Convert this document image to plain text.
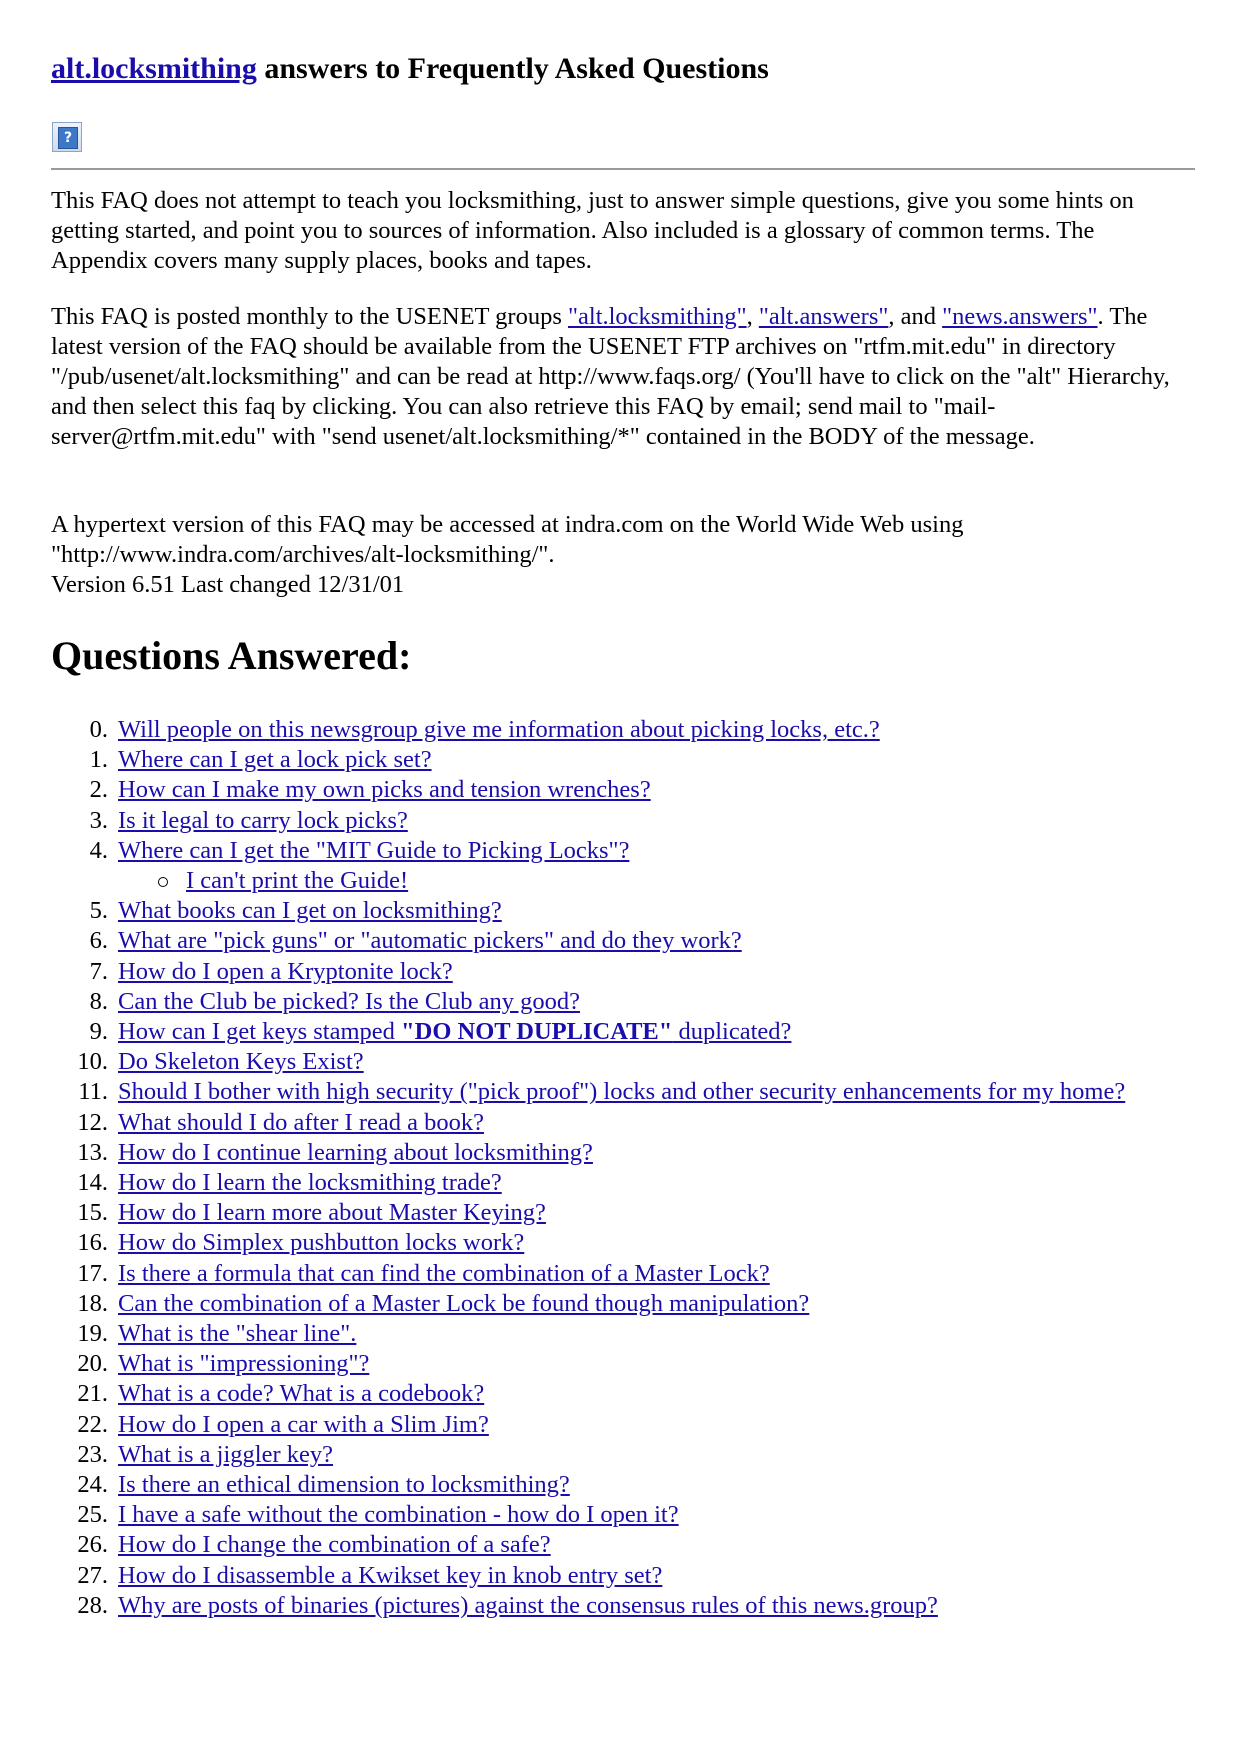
alt.locksmithing answers to Frequently Asked Questions
?

This FAQ does not attempt to teach you locksmithing, just to answer simple questions, give you some hints on getting started, and point you to sources of information. Also included is a glossary of common terms. The Appendix covers many supply places, books and tapes.

This FAQ is posted monthly to the USENET groups "alt.locksmithing", "alt.answers", and "news.answers". The latest version of the FAQ should be available from the USENET FTP archives on "rtfm.mit.edu" in directory "/pub/usenet/alt.locksmithing" and can be read at http://www.faqs.org/ (You'll have to click on the "alt" Hierarchy, and then select this faq by clicking. You can also retrieve this FAQ by email; send mail to "mail-server@rtfm.mit.edu" with "send usenet/alt.locksmithing/*" contained in the BODY of the message.

A hypertext version of this FAQ may be accessed at indra.com on the World Wide Web using "http://www.indra.com/archives/alt-locksmithing/".
Version 6.51 Last changed 12/31/01

Questions Answered:
0. Will people on this newsgroup give me information about picking locks, etc.?
1. Where can I get a lock pick set?
2. How can I make my own picks and tension wrenches?
3. Is it legal to carry lock picks?
4. Where can I get the "MIT Guide to Picking Locks"?
I can't print the Guide!
5. What books can I get on locksmithing?
6. What are "pick guns" or "automatic pickers" and do they work?
7. How do I open a Kryptonite lock?
8. Can the Club be picked? Is the Club any good?
9. How can I get keys stamped "DO NOT DUPLICATE" duplicated?
10. Do Skeleton Keys Exist?
11. Should I bother with high security ("pick proof") locks and other security enhancements for my home?
12. What should I do after I read a book?
13. How do I continue learning about locksmithing?
14. How do I learn the locksmithing trade?
15. How do I learn more about Master Keying?
16. How do Simplex pushbutton locks work?
17. Is there a formula that can find the combination of a Master Lock?
18. Can the combination of a Master Lock be found though manipulation?
19. What is the "shear line".
20. What is "impressioning"?
21. What is a code? What is a codebook?
22. How do I open a car with a Slim Jim?
23. What is a jiggler key?
24. Is there an ethical dimension to locksmithing?
25. I have a safe without the combination - how do I open it?
26. How do I change the combination of a safe?
27. How do I disassemble a Kwikset key in knob entry set?
28. Why are posts of binaries (pictures) against the consensus rules of this news.group?
